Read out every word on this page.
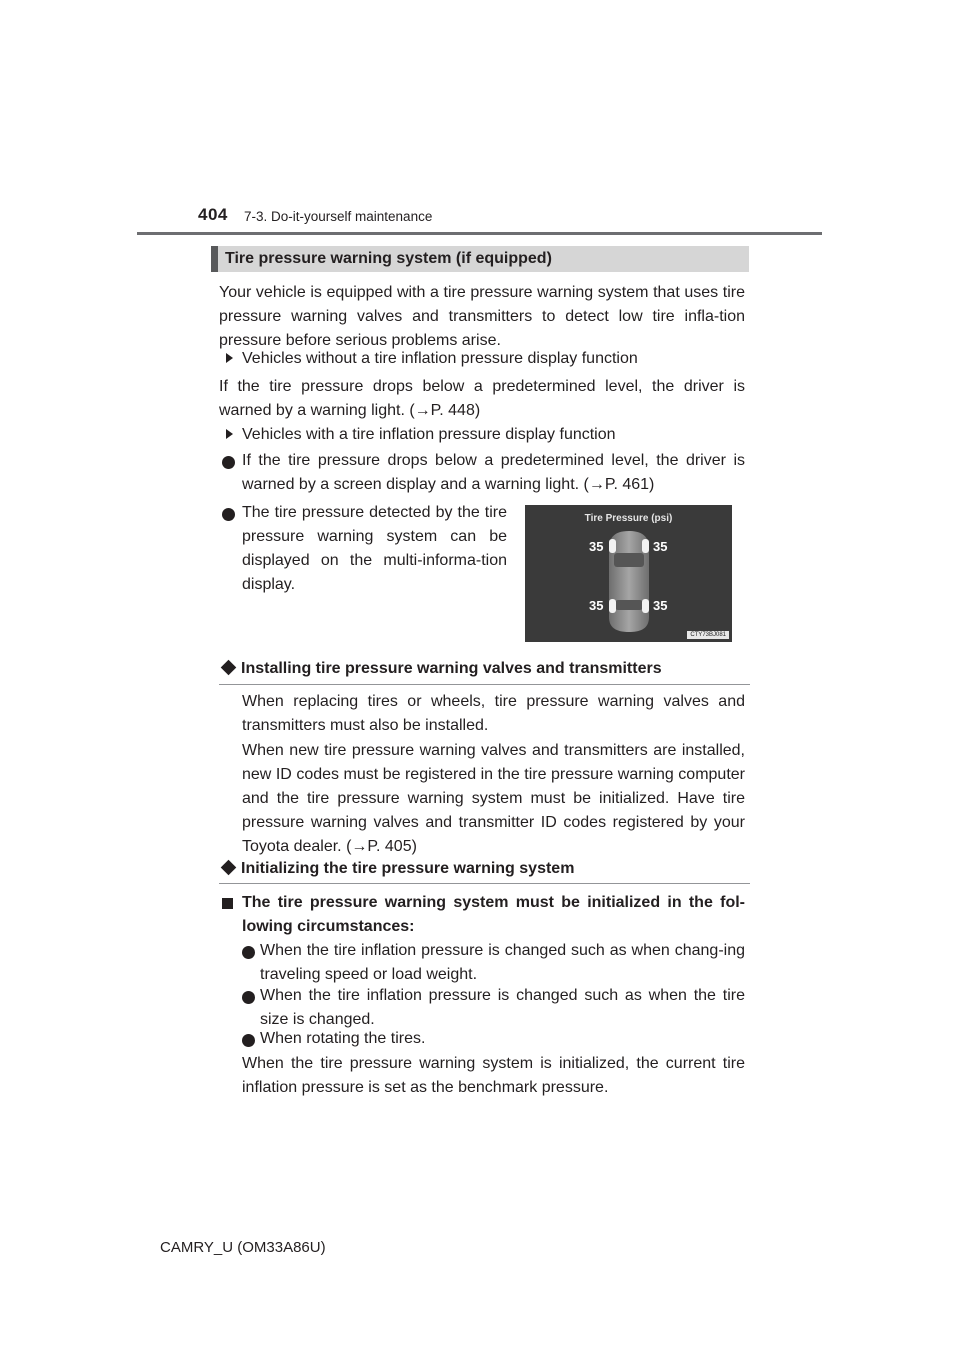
404 7-3. Do-it-yourself maintenance
Tire pressure warning system (if equipped)

Your vehicle is equipped with a tire pressure warning system that uses tire pressure warning valves and transmitters to detect low tire infla-tion pressure before serious problems arise.

Vehicles without a tire inflation pressure display function

If the tire pressure drops below a predetermined level, the driver is warned by a warning light. (→P. 448)

Vehicles with a tire inflation pressure display function

If the tire pressure drops below a predetermined level, the driver is warned by a screen display and a warning light. (→P. 461)

The tire pressure detected by the tire pressure warning system can be displayed on the multi-informa-tion display.

Tire Pressure (psi)
35	35
35	35
CTY73BJ081
Installing tire pressure warning valves and transmitters

When replacing tires or wheels, tire pressure warning valves and transmitters must also be installed.

When new tire pressure warning valves and transmitters are installed, new ID codes must be registered in the tire pressure warning computer and the tire pressure warning system must be initialized. Have tire pressure warning valves and transmitter ID codes registered by your Toyota dealer. (→P. 405)

Initializing the tire pressure warning system

The tire pressure warning system must be initialized in the fol-lowing circumstances:

When the tire inflation pressure is changed such as when chang-ing traveling speed or load weight.

When the tire inflation pressure is changed such as when the tire size is changed.

When rotating the tires.

When the tire pressure warning system is initialized, the current tire inflation pressure is set as the benchmark pressure.

CAMRY_U (OM33A86U)
